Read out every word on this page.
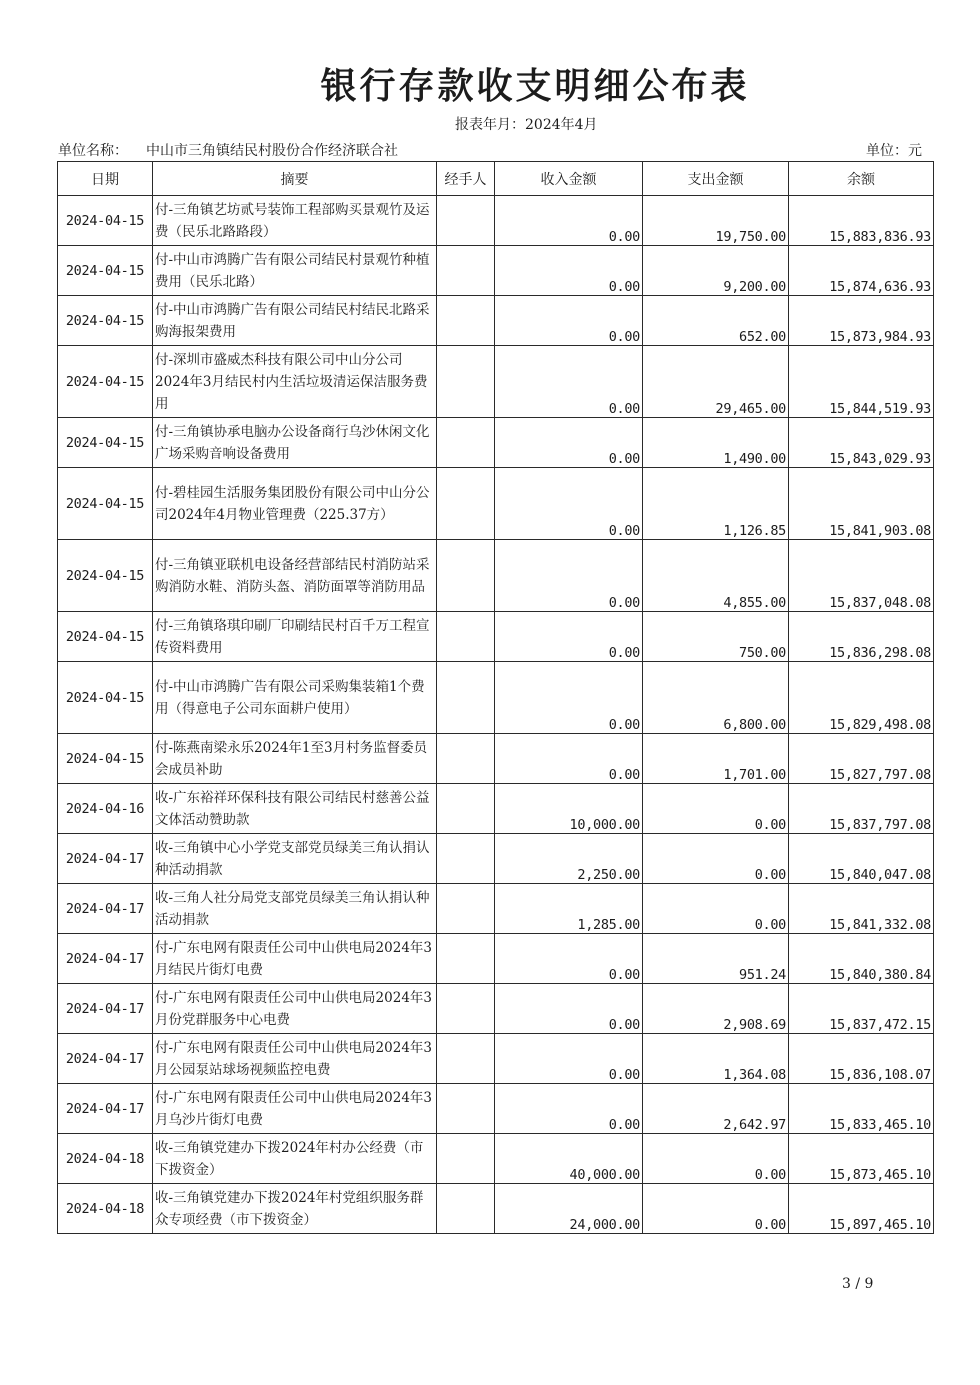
银行存款收支明细公布表
报表年月：2024年4月
单位名称： 中山市三角镇结民村股份合作经济联合社	单位：元
日期	摘要	经手人	收入金额	支出金额	余额
2024-04-15	付-三角镇艺坊贰号装饰工程部购买景观竹及运费（民乐北路路段）		0.00	19,750.00	15,883,836.93
2024-04-15	付-中山市鸿腾广告有限公司结民村景观竹种植费用（民乐北路）		0.00	9,200.00	15,874,636.93
2024-04-15	付-中山市鸿腾广告有限公司结民村结民北路采购海报架费用		0.00	652.00	15,873,984.93
2024-04-15	付-深圳市盛威杰科技有限公司中山分公司2024年3月结民村内生活垃圾清运保洁服务费用		0.00	29,465.00	15,844,519.93
2024-04-15	付-三角镇协承电脑办公设备商行乌沙休闲文化广场采购音响设备费用		0.00	1,490.00	15,843,029.93
2024-04-15	付-碧桂园生活服务集团股份有限公司中山分公司2024年4月物业管理费（225.37方）		0.00	1,126.85	15,841,903.08
2024-04-15	付-三角镇亚联机电设备经营部结民村消防站采购消防水鞋、消防头盔、消防面罩等消防用品		0.00	4,855.00	15,837,048.08
2024-04-15	付-三角镇珞琪印刷厂印刷结民村百千万工程宣传资料费用		0.00	750.00	15,836,298.08
2024-04-15	付-中山市鸿腾广告有限公司采购集装箱1个费用（得意电子公司东面耕户使用）		0.00	6,800.00	15,829,498.08
2024-04-15	付-陈燕南梁永乐2024年1至3月村务监督委员会成员补助		0.00	1,701.00	15,827,797.08
2024-04-16	收-广东裕祥环保科技有限公司结民村慈善公益文体活动赞助款		10,000.00	0.00	15,837,797.08
2024-04-17	收-三角镇中心小学党支部党员绿美三角认捐认种活动捐款		2,250.00	0.00	15,840,047.08
2024-04-17	收-三角人社分局党支部党员绿美三角认捐认种活动捐款		1,285.00	0.00	15,841,332.08
2024-04-17	付-广东电网有限责任公司中山供电局2024年3月结民片街灯电费		0.00	951.24	15,840,380.84
2024-04-17	付-广东电网有限责任公司中山供电局2024年3月份党群服务中心电费		0.00	2,908.69	15,837,472.15
2024-04-17	付-广东电网有限责任公司中山供电局2024年3月公园泵站球场视频监控电费		0.00	1,364.08	15,836,108.07
2024-04-17	付-广东电网有限责任公司中山供电局2024年3月乌沙片街灯电费		0.00	2,642.97	15,833,465.10
2024-04-18	收-三角镇党建办下拨2024年村办公经费（市下拨资金）		40,000.00	0.00	15,873,465.10
2024-04-18	收-三角镇党建办下拨2024年村党组织服务群众专项经费（市下拨资金）		24,000.00	0.00	15,897,465.10
3 / 9
